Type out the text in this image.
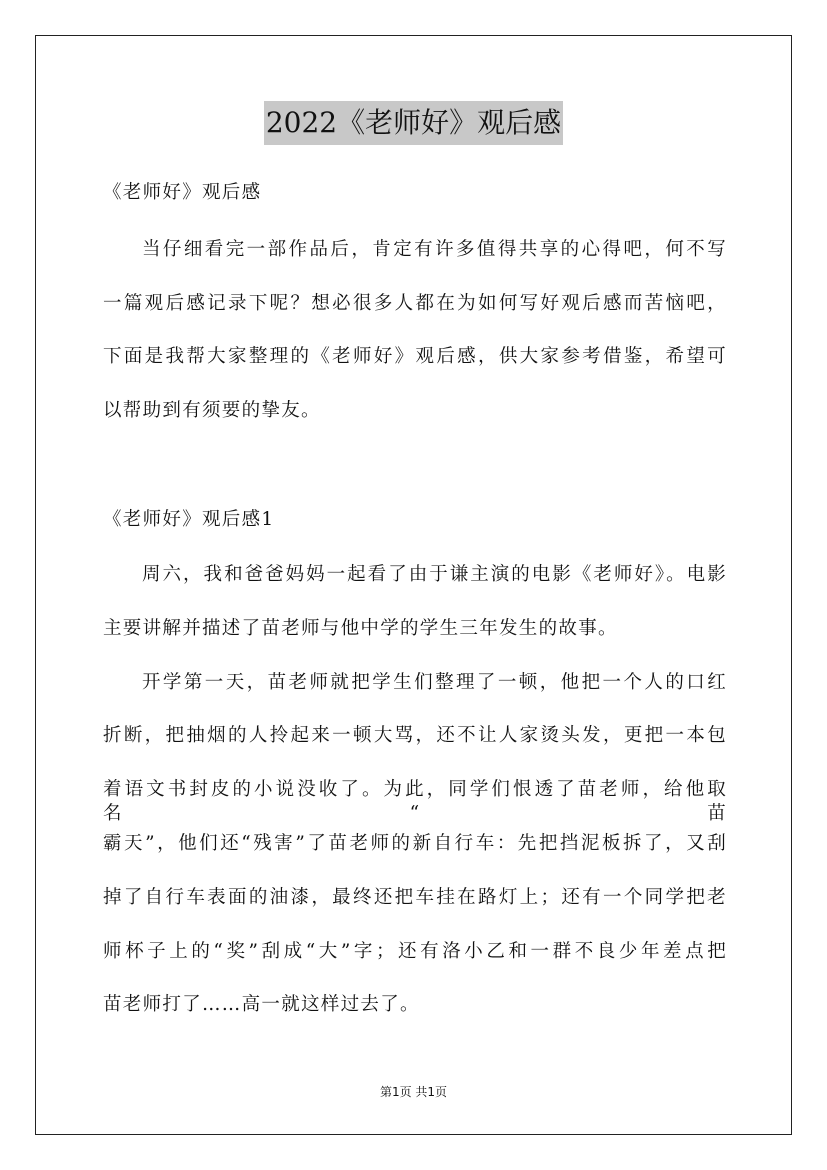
2022《老师好》观后感

《老师好》观后感

当仔细看完一部作品后，肯定有许多值得共享的心得吧，何不写

一篇观后感记录下呢？想必很多人都在为如何写好观后感而苦恼吧，

下面是我帮大家整理的《老师好》观后感，供大家参考借鉴，希望可

以帮助到有须要的挚友。

《老师好》观后感1

周六，我和爸爸妈妈一起看了由于谦主演的电影《老师好》。电影

主要讲解并描述了苗老师与他中学的学生三年发生的故事。

开学第一天，苗老师就把学生们整理了一顿，他把一个人的口红

折断，把抽烟的人拎起来一顿大骂，还不让人家烫头发，更把一本包

着语文书封皮的小说没收了。为此，同学们恨透了苗老师，给他取名“苗

霸天”，他们还“残害”了苗老师的新自行车：先把挡泥板拆了，又刮

掉了自行车表面的油漆，最终还把车挂在路灯上；还有一个同学把老

师杯子上的“奖”刮成“大”字；还有洛小乙和一群不良少年差点把

苗老师打了……高一就这样过去了。

第1页 共1页
